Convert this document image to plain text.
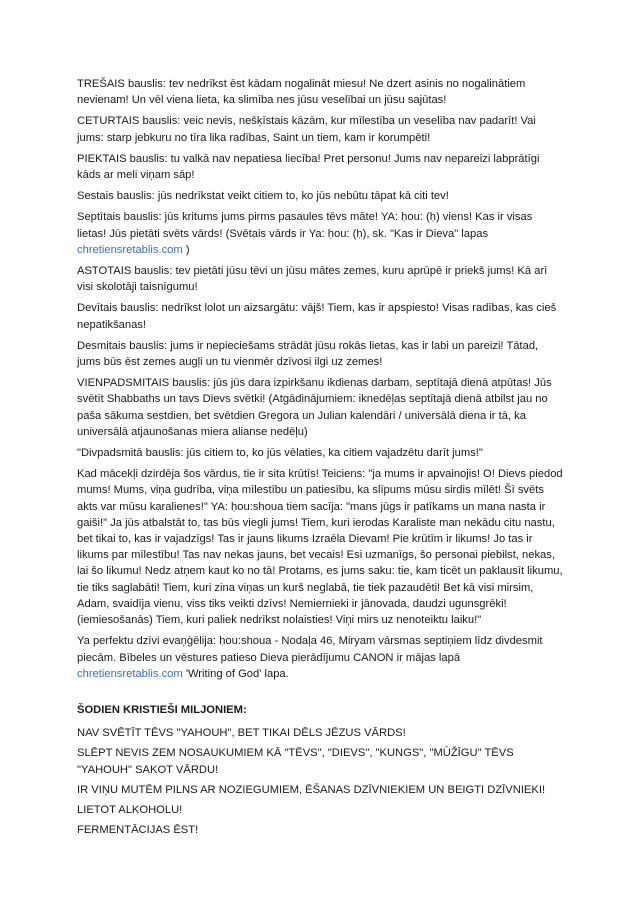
TREŠAIS bauslis: tev nedrīkst ēst kādam nogalināt miesu! Ne dzert asinis no nogalinātiem nevienam! Un vēl viena lieta, ka slimība nes jūsu veselībai un jūsu sajūtas!

CETURTAIS bauslis: veic nevis, nešķīstais kāzām, kur mīlestība un veselība nav padarīt! Vai jums: starp jebkuru no tīra lika radības, Saint un tiem, kam ir korumpēti!

PIEKTAIS bauslis: tu valkā nav nepatiesa liecība! Pret personu! Jums nav nepareizi labprātīgi kāds ar meli viņam sāp!

Sestais bauslis: jūs nedrīkstat veikt citiem to, ko jūs nebūtu tāpat kā citi tev!

Septītais bauslis: jūs kritums jums pirms pasaules tēvs māte! YA: ḥou: (ḥ) viens! Kas ir visas lietas! Jūs pietāti svēts vārds! (Svētais vārds ir Ya: ḥou: (ḥ), sk. "Kas ir Dieva" lapas chretiensretablis.com )

ASTOTAIS bauslis: tev pietāti jūsu tēvi un jūsu mātes zemes, kuru aprūpē ir priekš jums! Kā arī visi skolotāji taisnīgumu!

Devītais bauslis: nedrīkst lolot un aizsargātu: vājš! Tiem, kas ir apspiesto! Visas radības, kas cieš nepatikšanas!

Desmitais bauslis: jums ir nepieciešams strādāt jūsu rokās lietas, kas ir labi un pareizi! Tātad, jums būs ēst zemes augļi un tu vienmēr dzīvosi ilgi uz zemes!

VIENPADSMITAIS bauslis: jūs jūs dara izpirkšanu ikdienas darbam, septītajā dienā atpūtas! Jūs svētīt Shabbaths un tavs Dievs svētki! (Atgādinājumiem: iknedēļas septītajā dienā atbilst jau no paša sākuma sestdien, bet svētdien Gregora un Julian kalendāri / universālā diena ir tā, ka universālā atjaunošanas miera alianse nedēļu)

"Divpadsmitā bauslis: jūs citiem to, ko jūs vēlaties, ka citiem vajadzētu darīt jums!"

Kad mācekļi dzirdēja šos vārdus, tie ir sita krūtīs! Teiciens: "ja mums ir apvainojis! O! Dievs piedod mums! Mums, viņa gudrība, viņa mīlestību un patiesību, ka slīpums mūsu sirdis mīlēt! Šī svēts akts var mūsu karalienes!" YA: ḥou:shoua tiem sacīja: "mans jūgs ir patīkams un mana nasta ir gaiši!" Ja jūs atbalstāt to, tas būs viegli jums! Tiem, kuri ierodas Karaliste man nekādu citu nastu, bet tikai to, kas ir vajadzīgs! Tas ir jauns likums Izraēla Dievam! Pie krūtīm ir likums! Jo tas ir likums par mīlestību! Tas nav nekas jauns, bet vecais! Esi uzmanīgs, šo personai piebilst, nekas, lai šo likumu! Nedz atņem kaut ko no tā! Protams, es jums saku: tie, kam ticēt un paklausīt likumu, tie tiks saglabāti! Tiem, kuri zina viņas un kurš neglabā, tie tiek pazaudēti! Bet kā visi mirsim, Adam, svaidīja vienu, viss tiks veikti dzīvs! Nemiernieki ir jānovada, daudzi ugunsgrēki! (iemiesošanās) Tiem, kuri paliek nedrīkst nolaisties! Viņi mirs uz nenoteiktu laiku!"

Ya perfektu dzīvi evaņģēlija: ḥou:shoua - Nodaļa 46, Miryam vārsmas septiņiem līdz divdesmit piecām. Bībeles un vēstures patieso Dieva pierādījumu CANON ir mājas lapā chretiensretablis.com 'Writing of God' lapa.

ŠODIEN KRISTIEŠI MILJONIEM:

NAV SVĒTĪT TĒVS "YAHOUH", BET TIKAI DĒLS JĒZUS VĀRDS!

SLĒPT NEVIS ZEM NOSAUKUMIEM KĀ "TĒVS", "DIEVS", "KUNGS", "MŪŽĪGU" TĒVS "YAHOUH" SAKOT VĀRDU!

IR VIŅU MUTĒM PILNS AR NOZIEGUMIEM, ĒŠANAS DZĪVNIEKIEM UN BEIGTI DZĪVNIEKI!

LIETOT ALKOHOLU!

FERMENTĀCIJAS ĒST!
